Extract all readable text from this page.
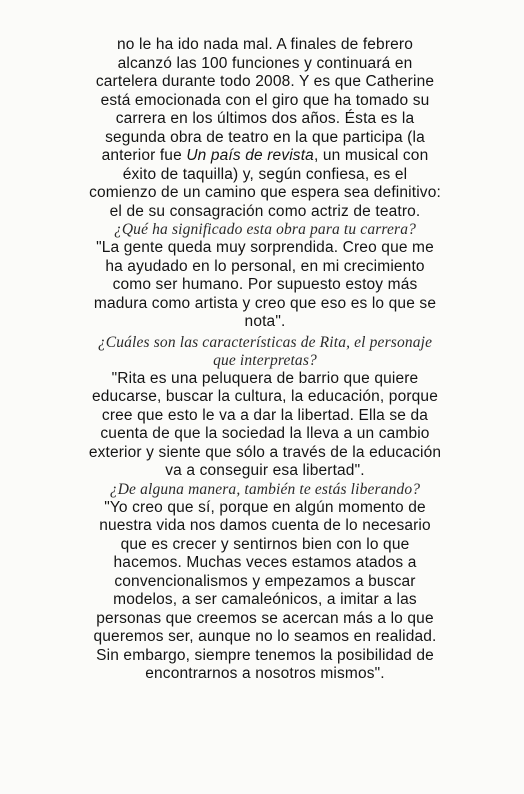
no le ha ido nada mal. A finales de febrero
alcanzó las 100 funciones y continuará en
cartelera durante todo 2008. Y es que Catherine
está emocionada con el giro que ha tomado su
carrera en los últimos dos años. Ésta es la
segunda obra de teatro en la que participa (la
anterior fue Un país de revista, un musical con
éxito de taquilla) y, según confiesa, es el
comienzo de un camino que espera sea definitivo:
el de su consagración como actriz de teatro.
¿Qué ha significado esta obra para tu carrera?
"La gente queda muy sorprendida. Creo que me
ha ayudado en lo personal, en mi crecimiento
como ser humano. Por supuesto estoy más
madura como artista y creo que eso es lo que se
nota".
¿Cuáles son las características de Rita, el personaje
que interpretas?
"Rita es una peluquera de barrio que quiere
educarse, buscar la cultura, la educación, porque
cree que esto le va a dar la libertad. Ella se da
cuenta de que la sociedad la lleva a un cambio
exterior y siente que sólo a través de la educación
va a conseguir esa libertad".
¿De alguna manera, también te estás liberando?
"Yo creo que sí, porque en algún momento de
nuestra vida nos damos cuenta de lo necesario
que es crecer y sentirnos bien con lo que
hacemos. Muchas veces estamos atados a
convencionalismos y empezamos a buscar
modelos, a ser camaleónicos, a imitar a las
personas que creemos se acercan más a lo que
queremos ser, aunque no lo seamos en realidad.
Sin embargo, siempre tenemos la posibilidad de
encontrarnos a nosotros mismos".
